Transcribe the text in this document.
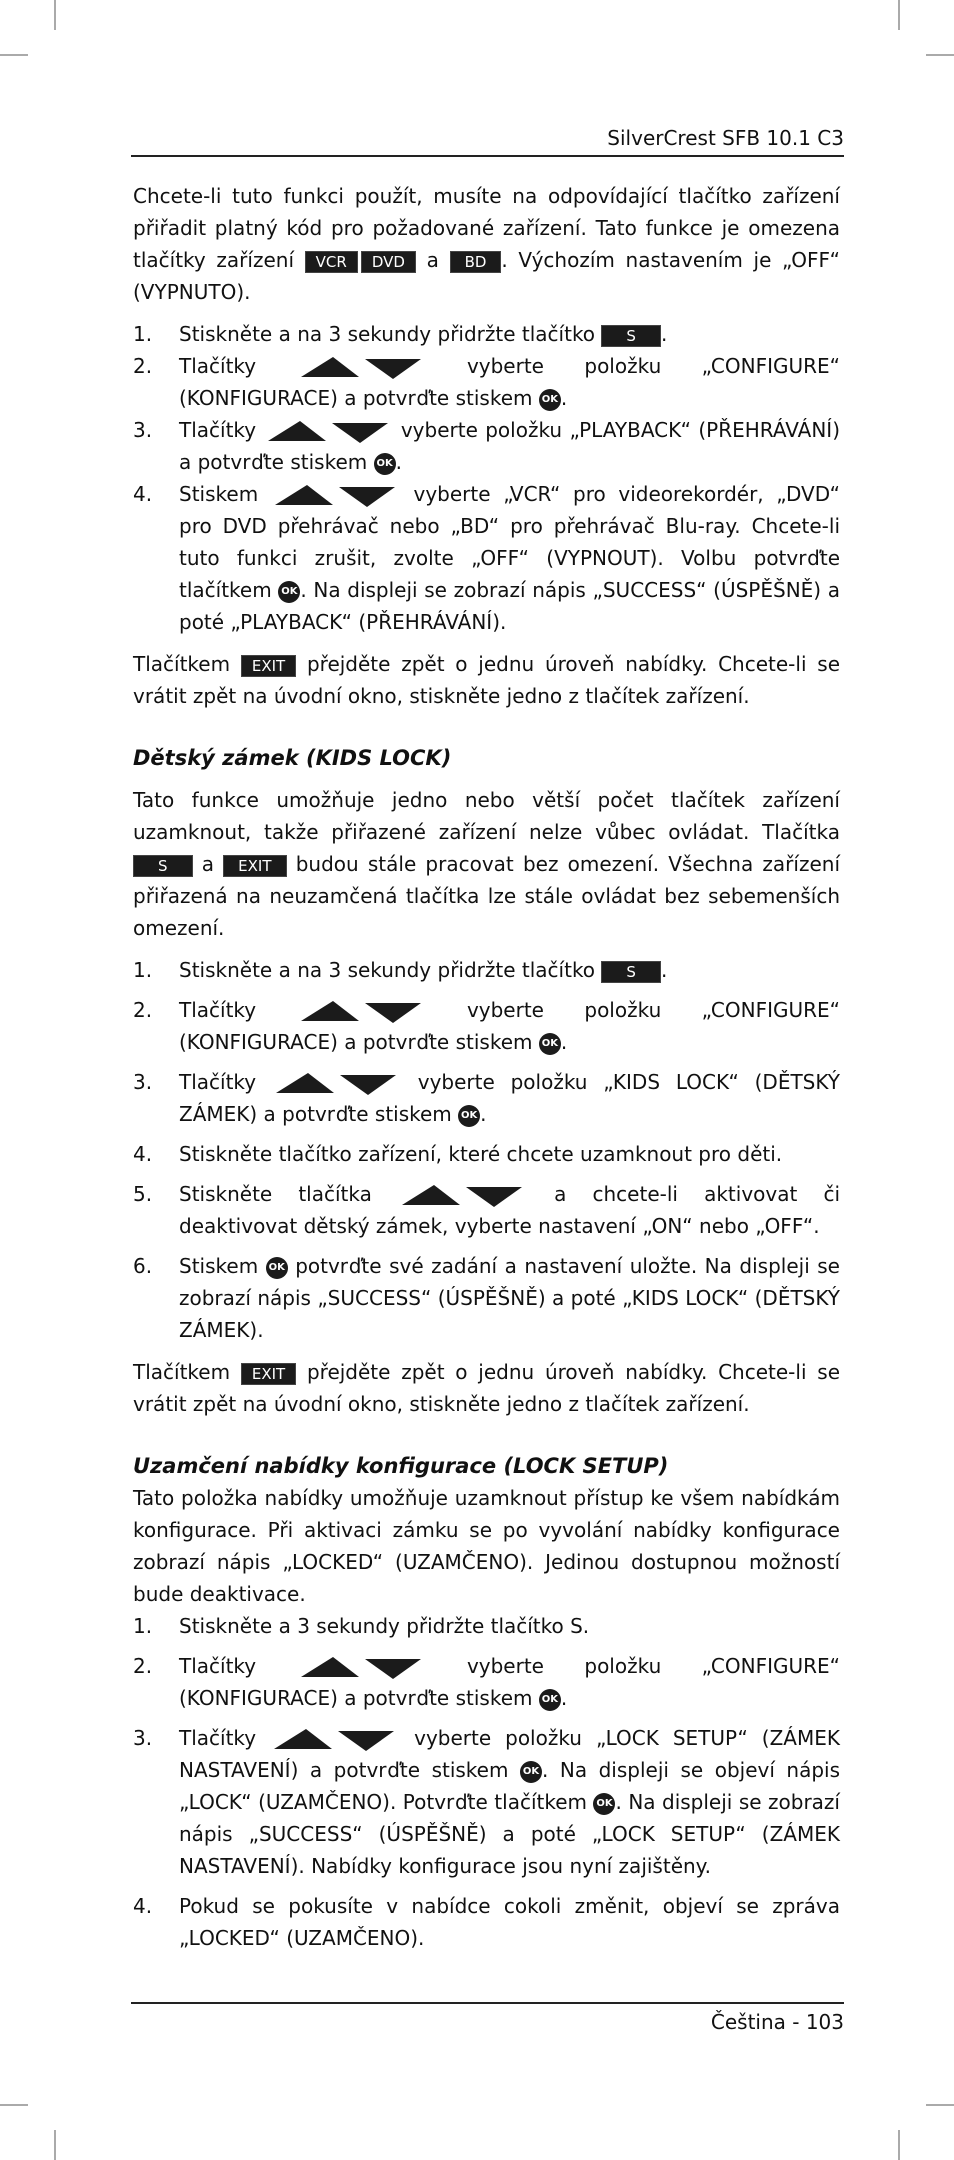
SilverCrest SFB 10.1 C3

Chcete-li tuto funkci použít, musíte na odpovídající tlačítko zařízení přiřadit platný kód pro požadované zařízení. Tato funkce je omezena tlačítky zařízení VCR DVD a BD . Výchozím nastavením je „OFF“ (VYPNUTO).

1. Stiskněte a na 3 sekundy přidržte tlačítko S .
2. Tlačítky	vyberte položku „CONFIGURE“ (KONFIGURACE) a potvrďte stiskem OK .
3. Tlačítky	vyberte položku „PLAYBACK“ (PŘEHRÁVÁNÍ) a potvrďte stiskem OK .
4. Stiskem	vyberte „VCR“ pro videorekordér, „DVD“ pro DVD přehrávač nebo „BD“ pro přehrávač Blu-ray. Chcete-li tuto funkci zrušit, zvolte „OFF“ (VYPNOUT). Volbu potvrďte tlačítkem OK . Na displeji se zobrazí nápis „SUCCESS“ (ÚSPĚŠNĚ) a poté „PLAYBACK“ (PŘEHRÁVÁNÍ).

Tlačítkem EXIT přejděte zpět o jednu úroveň nabídky. Chcete-li se vrátit zpět na úvodní okno, stiskněte jedno z tlačítek zařízení.

Dětský zámek (KIDS LOCK)

Tato funkce umožňuje jedno nebo větší počet tlačítek zařízení uzamknout, takže přiřazené zařízení nelze vůbec ovládat. Tlačítka S a EXIT budou stále pracovat bez omezení. Všechna zařízení přiřazená na neuzamčená tlačítka lze stále ovládat bez sebemenších omezení.

1. Stiskněte a na 3 sekundy přidržte tlačítko S .
2. Tlačítky	vyberte položku „CONFIGURE“ (KONFIGURACE) a potvrďte stiskem OK .
3. Tlačítky	vyberte položku „KIDS LOCK“ (DĚTSKÝ ZÁMEK) a potvrďte stiskem OK .
4. Stiskněte tlačítko zařízení, které chcete uzamknout pro děti.
5. Stiskněte tlačítka	a chcete-li aktivovat či deaktivovat dětský zámek, vyberte nastavení „ON“ nebo „OFF“.
6. Stiskem OK potvrďte své zadání a nastavení uložte. Na displeji se zobrazí nápis „SUCCESS“ (ÚSPĚŠNĚ) a poté „KIDS LOCK“ (DĚTSKÝ ZÁMEK).

Tlačítkem EXIT přejděte zpět o jednu úroveň nabídky. Chcete-li se vrátit zpět na úvodní okno, stiskněte jedno z tlačítek zařízení.

Uzamčení nabídky konfigurace (LOCK SETUP)

Tato položka nabídky umožňuje uzamknout přístup ke všem nabídkám konfigurace. Při aktivaci zámku se po vyvolání nabídky konfigurace zobrazí nápis „LOCKED“ (UZAMČENO). Jedinou dostupnou možností bude deaktivace.

1. Stiskněte a 3 sekundy přidržte tlačítko S.
2. Tlačítky	vyberte položku „CONFIGURE“ (KONFIGURACE) a potvrďte stiskem OK .
3. Tlačítky	vyberte položku „LOCK SETUP“ (ZÁMEK NASTAVENÍ) a potvrďte stiskem OK . Na displeji se objeví nápis „LOCK“ (UZAMČENO). Potvrďte tlačítkem OK . Na displeji se zobrazí nápis „SUCCESS“ (ÚSPĚŠNĚ) a poté „LOCK SETUP“ (ZÁMEK NASTAVENÍ). Nabídky konfigurace jsou nyní zajištěny.
4. Pokud se pokusíte v nabídce cokoli změnit, objeví se zpráva „LOCKED“ (UZAMČENO).
Čeština - 103
